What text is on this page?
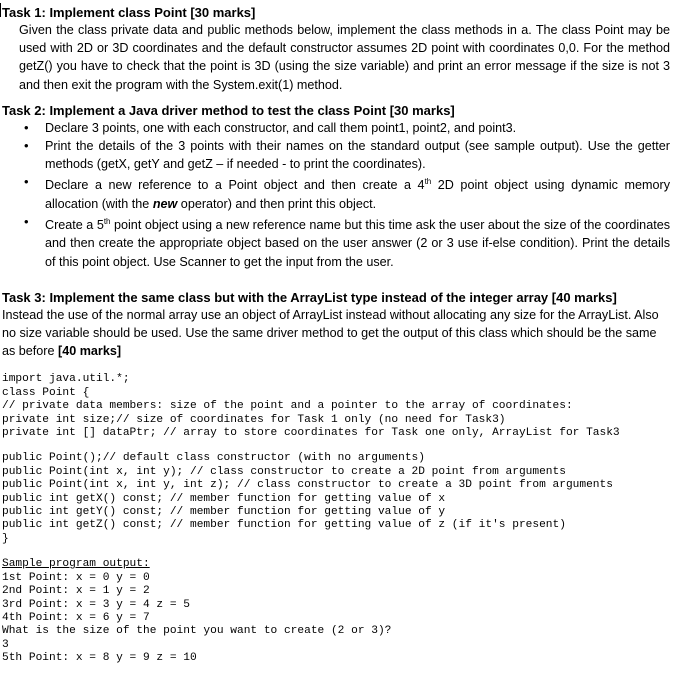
Task 1: Implement class Point [30 marks]

Given the class private data and public methods below, implement the class methods in a. The class Point may be used with 2D or 3D coordinates and the default constructor assumes 2D point with coordinates 0,0. For the method getZ() you have to check that the point is 3D (using the size variable) and print an error message if the size is not 3 and then exit the program with the System.exit(1) method.

Task 2: Implement a Java driver method to test the class Point [30 marks]

• Declare 3 points, one with each constructor, and call them point1, point2, and point3.
• Print the details of the 3 points with their names on the standard output (see sample output). Use the getter methods (getX, getY and getZ – if needed - to print the coordinates).
• Declare a new reference to a Point object and then create a 4th 2D point object using dynamic memory allocation (with the new operator) and then print this object.
• Create a 5th point object using a new reference name but this time ask the user about the size of the coordinates and then create the appropriate object based on the user answer (2 or 3 use if-else condition). Print the details of this point object. Use Scanner to get the input from the user.

Task 3: Implement the same class but with the ArrayList type instead of the integer array [40 marks]

Instead the use of the normal array use an object of ArrayList instead without allocating any size for the ArrayList. Also no size variable should be used. Use the same driver method to get the output of this class which should be the same as before [40 marks]

import java.util.*;
class Point {
// private data members: size of the point and a pointer to the array of coordinates:
private int size;// size of coordinates for Task 1 only (no need for Task3)
private int [] dataPtr; // array to store coordinates for Task one only, ArrayList for Task3
public Point();// default class constructor (with no arguments)
public Point(int x, int y); // class constructor to create a 2D point from arguments
public Point(int x, int y, int z); // class constructor to create a 3D point from arguments
public int getX() const; // member function for getting value of x
public int getY() const; // member function for getting value of y
public int getZ() const; // member function for getting value of z (if it's present)
}
Sample program output:
1st Point: x = 0 y = 0
2nd Point: x = 1 y = 2
3rd Point: x = 3 y = 4 z = 5
4th Point: x = 6 y = 7
What is the size of the point you want to create (2 or 3)?
3
5th Point: x = 8 y = 9 z = 10
